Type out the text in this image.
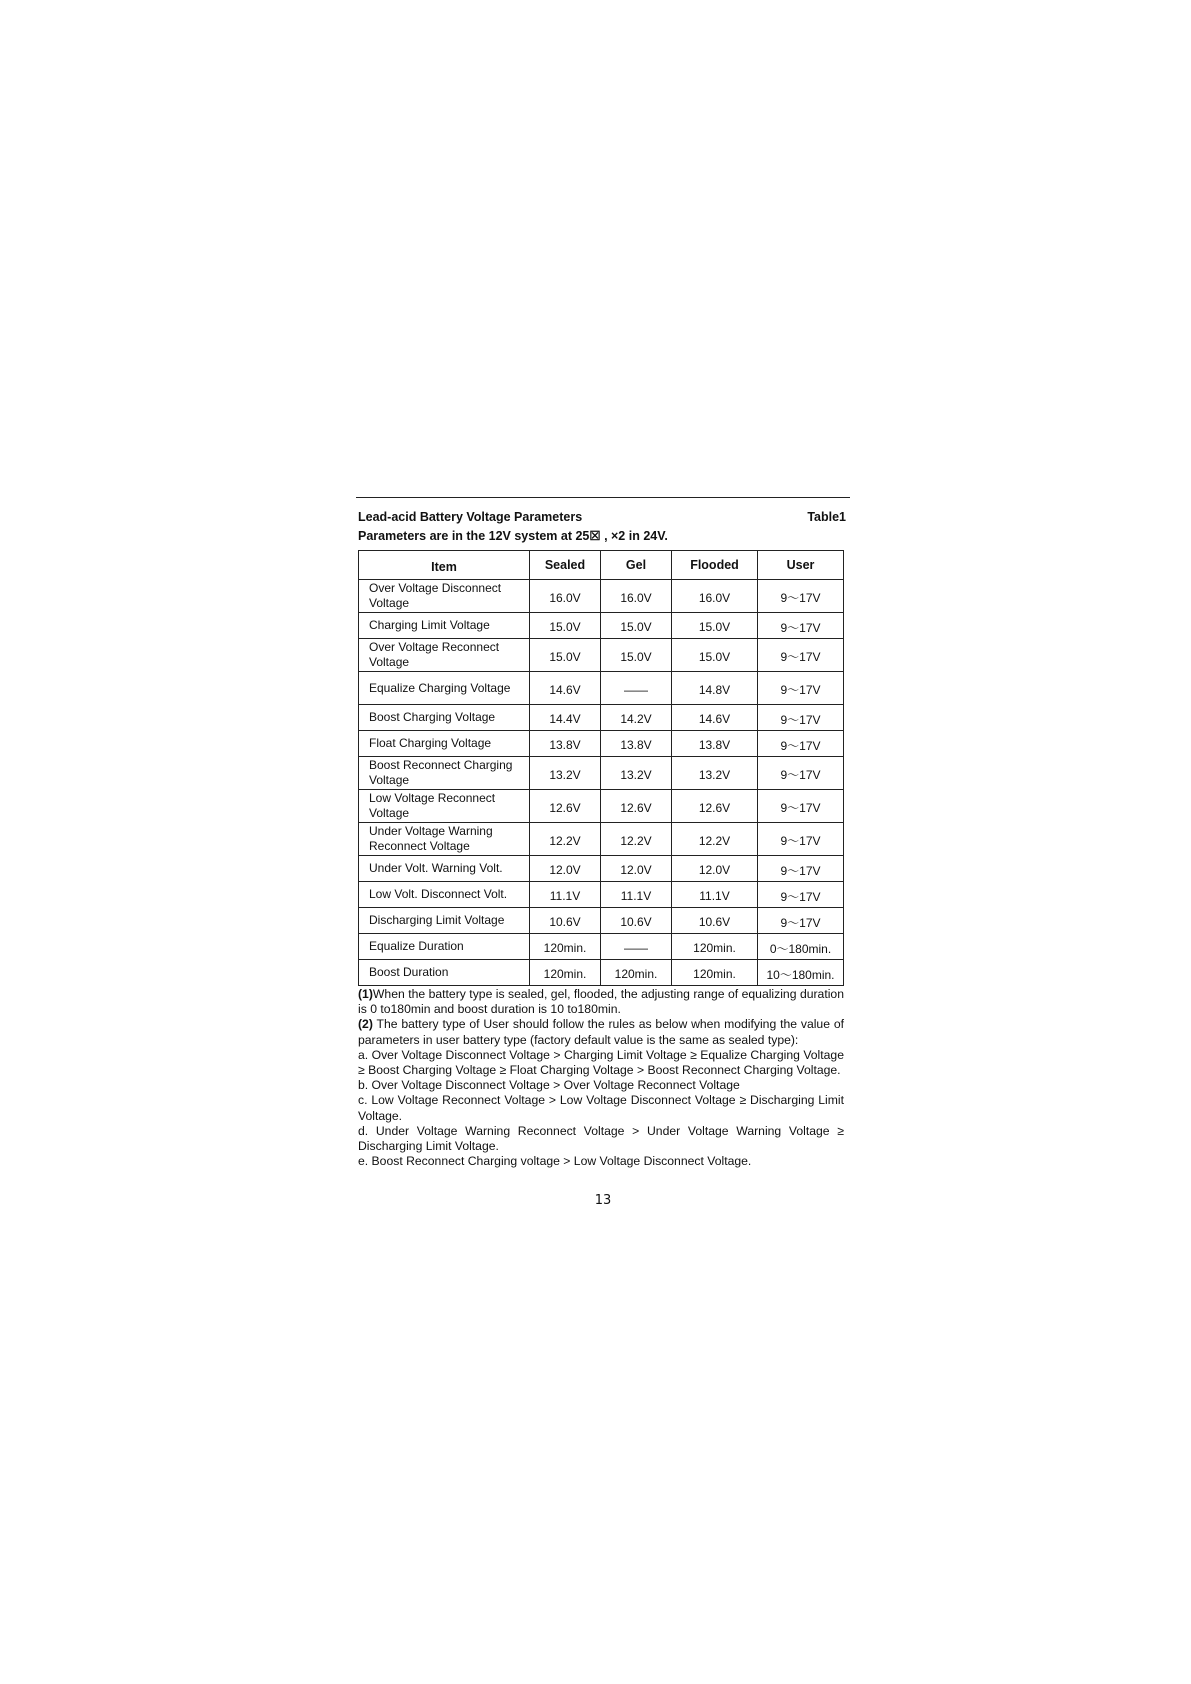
Lead-acid Battery Voltage Parameters	Table1
Parameters are in the 12V system at 25☒ , ×2 in 24V.
Item	Sealed	Gel	Flooded	User
Over Voltage Disconnect Voltage	16.0V	16.0V	16.0V	9〜17V
Charging Limit Voltage	15.0V	15.0V	15.0V	9〜17V
Over Voltage Reconnect Voltage	15.0V	15.0V	15.0V	9〜17V
Equalize Charging Voltage	14.6V	——	14.8V	9〜17V
Boost Charging Voltage	14.4V	14.2V	14.6V	9〜17V
Float Charging Voltage	13.8V	13.8V	13.8V	9〜17V
Boost Reconnect Charging Voltage	13.2V	13.2V	13.2V	9〜17V
Low Voltage Reconnect Voltage	12.6V	12.6V	12.6V	9〜17V
Under Voltage Warning Reconnect Voltage	12.2V	12.2V	12.2V	9〜17V
Under Volt. Warning Volt.	12.0V	12.0V	12.0V	9〜17V
Low Volt. Disconnect Volt.	11.1V	11.1V	11.1V	9〜17V
Discharging Limit Voltage	10.6V	10.6V	10.6V	9〜17V
Equalize Duration	120min.	——	120min.	0〜180min.
Boost Duration	120min.	120min.	120min.	10〜180min.

(1)When the battery type is sealed, gel, flooded, the adjusting range of equalizing duration is 0 to180min and boost duration is 10 to180min.

(2) The battery type of User should follow the rules as below when modifying the value of parameters in user battery type (factory default value is the same as sealed type):

a. Over Voltage Disconnect Voltage > Charging Limit Voltage ≥ Equalize Charging Voltage ≥ Boost Charging Voltage ≥ Float Charging Voltage > Boost Reconnect Charging Voltage.

b. Over Voltage Disconnect Voltage > Over Voltage Reconnect Voltage

c. Low Voltage Reconnect Voltage > Low Voltage Disconnect Voltage ≥ Discharging Limit Voltage.

d. Under Voltage Warning Reconnect Voltage > Under Voltage Warning Voltage ≥ Discharging Limit Voltage.

e. Boost Reconnect Charging voltage > Low Voltage Disconnect Voltage.

13
